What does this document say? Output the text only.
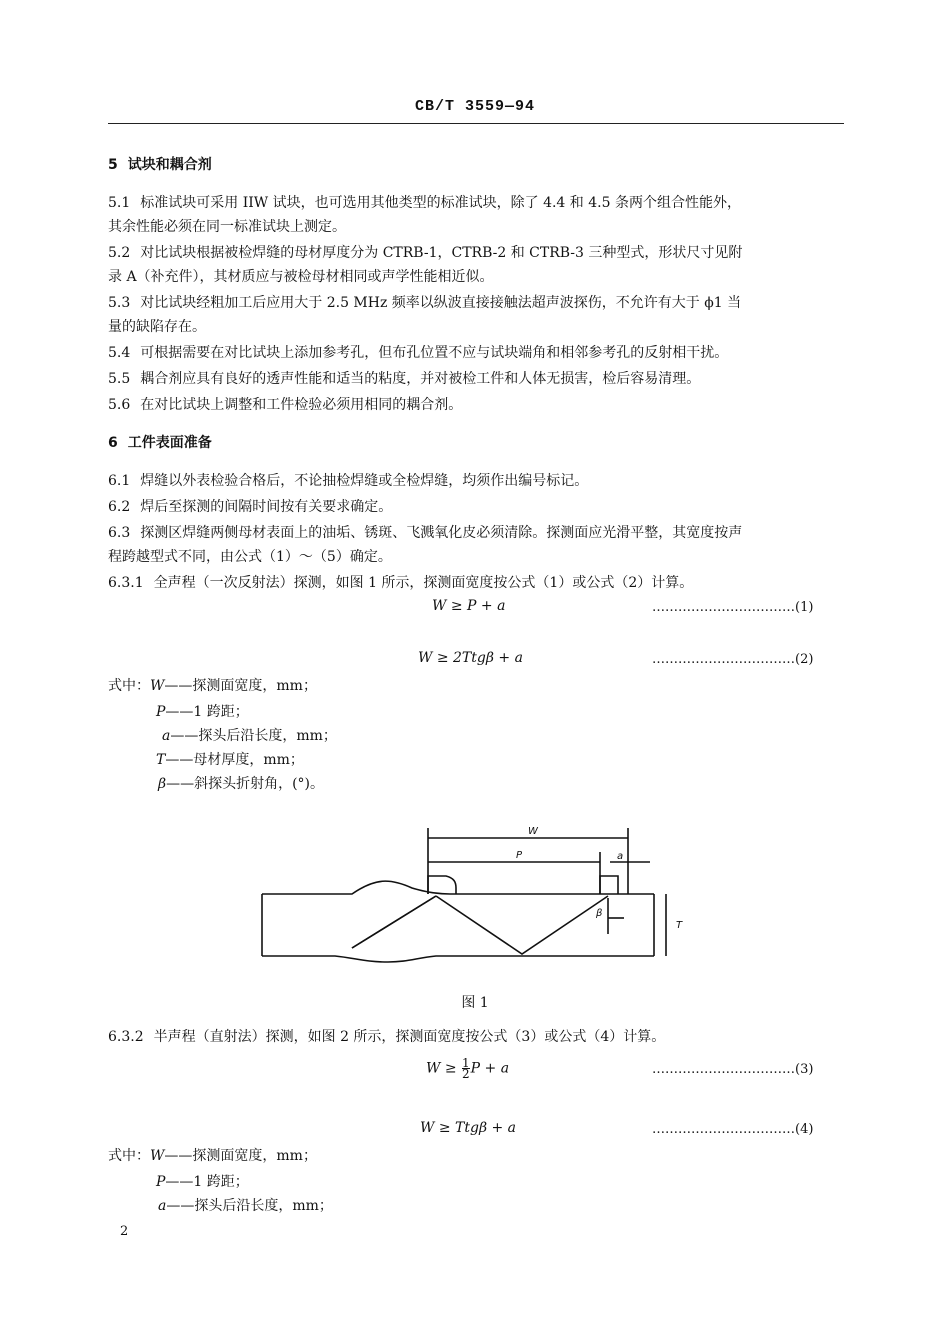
CB/T 3559—94
5 试块和耦合剂
5.1 标准试块可采用 IIW 试块，也可选用其他类型的标准试块，除了 4.4 和 4.5 条两个组合性能外，
其余性能必须在同一标准试块上测定。
5.2 对比试块根据被检焊缝的母材厚度分为 CTRB-1，CTRB-2 和 CTRB-3 三种型式，形状尺寸见附
录 A（补充件），其材质应与被检母材相同或声学性能相近似。
5.3 对比试块经粗加工后应用大于 2.5 MHz 频率以纵波直接接触法超声波探伤，不允许有大于 ϕ1 当
量的缺陷存在。
5.4 可根据需要在对比试块上添加参考孔，但布孔位置不应与试块端角和相邻参考孔的反射相干扰。
5.5 耦合剂应具有良好的透声性能和适当的粘度，并对被检工件和人体无损害，检后容易清理。
5.6 在对比试块上调整和工件检验必须用相同的耦合剂。
6 工件表面准备
6.1 焊缝以外表检验合格后，不论抽检焊缝或全检焊缝，均须作出编号标记。
6.2 焊后至探测的间隔时间按有关要求确定。
6.3 探测区焊缝两侧母材表面上的油垢、锈斑、飞溅氧化皮必须清除。探测面应光滑平整，其宽度按声
程跨越型式不同，由公式（1）～（5）确定。
6.3.1 全声程（一次反射法）探测，如图 1 所示，探测面宽度按公式（1）或公式（2）计算。
W ≥ P + a	……………………………(1)
W ≥ 2Ttgβ + a	……………………………(2)
式中：W——探测面宽度，mm；
P——1 跨距；
a——探头后沿长度，mm；
T——母材厚度，mm；
β——斜探头折射角，(°)。
W
P	a
β
T
图 1
6.3.2 半声程（直射法）探测，如图 2 所示，探测面宽度按公式（3）或公式（4）计算。
$W \ge \frac{1}{2}$ P + a	……………………………(3)
W ≥ Ttgβ + a	……………………………(4)
式中：W——探测面宽度，mm；
P——1 跨距；
a——探头后沿长度，mm；
2
